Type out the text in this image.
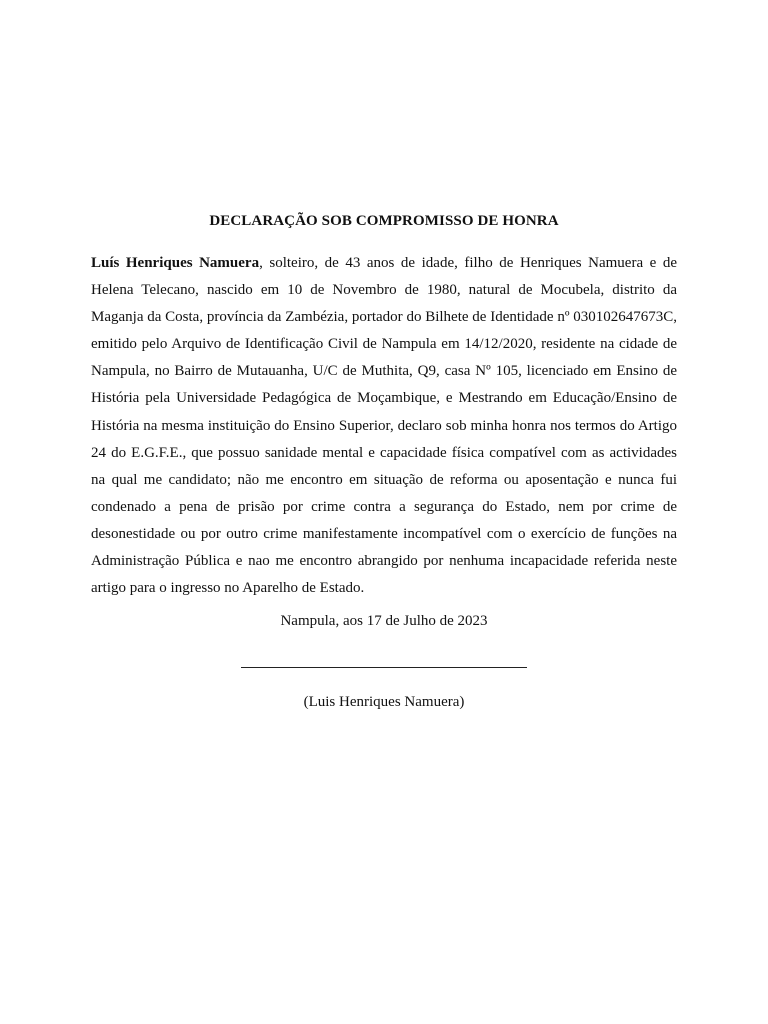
DECLARAÇÃO SOB COMPROMISSO DE HONRA

Luís Henriques Namuera, solteiro, de 43 anos de idade, filho de Henriques Namuera e de Helena Telecano, nascido em 10 de Novembro de 1980, natural de Mocubela, distrito da Maganja da Costa, província da Zambézia, portador do Bilhete de Identidade nº 030102647673C, emitido pelo Arquivo de Identificação Civil de Nampula em 14/12/2020, residente na cidade de Nampula, no Bairro de Mutauanha, U/C de Muthita, Q9, casa Nº 105, licenciado em Ensino de História pela Universidade Pedagógica de Moçambique, e Mestrando em Educação/Ensino de História na mesma instituição do Ensino Superior, declaro sob minha honra nos termos do Artigo 24 do E.G.F.E., que possuo sanidade mental e capacidade física compatível com as actividades na qual me candidato; não me encontro em situação de reforma ou aposentação e nunca fui condenado a pena de prisão por crime contra a segurança do Estado, nem por crime de desonestidade ou por outro crime manifestamente incompatível com o exercício de funções na Administração Pública e nao me encontro abrangido por nenhuma incapacidade referida neste artigo para o ingresso no Aparelho de Estado.

Nampula, aos 17 de Julho de 2023
(Luis Henriques Namuera)
